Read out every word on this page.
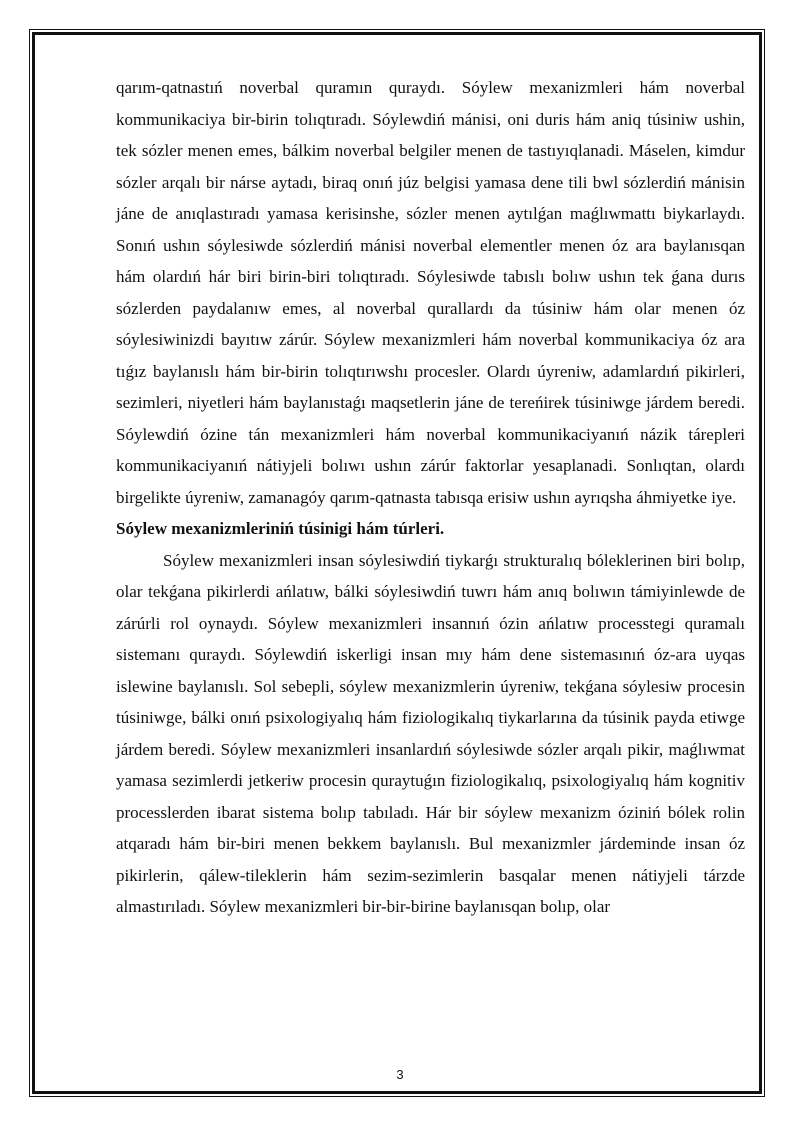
qarım-qatnastıń noverbal quramın quraydı. Sóylew mexanizmleri hám noverbal kommunikaciya bir-birin tolıqtıradı. Sóylewdiń mánisi, oni duris hám aniq túsiniw ushin, tek sózler menen emes, bálkim noverbal belgiler menen de tastıyıqlanadi. Máselen, kimdur sózler arqalı bir nárse aytadı, biraq onıń júz belgisi yamasa dene tili bwl sózlerdiń mánisin jáne de anıqlastıradı yamasa kerisinshe, sózler menen aytılǵan maǵlıwmattı biykarlaydı. Sonıń ushın sóylesiwde sózlerdiń mánisi noverbal elementler menen óz ara baylanısqan hám olardıń hár biri birin-biri tolıqtıradı. Sóylesiwde tabıslı bolıw ushın tek ǵana durıs sózlerden paydalanıw emes, al noverbal qurallardı da túsiniw hám olar menen óz sóylesiwinizdi bayıtıw zárúr. Sóylew mexanizmleri hám noverbal kommunikaciya óz ara tıǵız baylanıslı hám bir-birin tolıqtırıwshı procesler. Olardı úyreniw, adamlardıń pikirleri, sezimleri, niyetleri hám baylanıstaǵı maqsetlerin jáne de tereńirek túsiniwge járdem beredi. Sóylewdiń ózine tán mexanizmleri hám noverbal kommunikaciyanıń názik tárepleri kommunikaciyanıń nátiyjeli bolıwı ushın zárúr faktorlar yesaplanadi. Sonlıqtan, olardı birgelikte úyreniw, zamanagóy qarım-qatnasta tabısqa erisiw ushın ayrıqsha áhmiyetke iye.

Sóylew mexanizmleriniń túsinigi hám túrleri.

Sóylew mexanizmleri insan sóylesiwdiń tiykarǵı strukturalıq bóleklerinen biri bolıp, olar tekǵana pikirlerdi ańlatıw, bálki sóylesiwdiń tuwrı hám anıq bolıwın támiyinlewde de zárúrli rol oynaydı. Sóylew mexanizmleri insannıń ózin ańlatıw processtegi quramalı sistemanı quraydı. Sóylewdiń iskerligi insan mıy hám dene sistemasınıń óz-ara uyqas islewine baylanıslı. Sol sebepli, sóylew mexanizmlerin úyreniw, tekǵana sóylesiw procesin túsiniwge, bálki onıń psixologiyalıq hám fiziologikalıq tiykarlarına da túsinik payda etiwge járdem beredi. Sóylew mexanizmleri insanlardıń sóylesiwde sózler arqalı pikir, maǵlıwmat yamasa sezimlerdi jetkeriw procesin quraytuǵın fiziologikalıq, psixologiyalıq hám kognitiv processlerden ibarat sistema bolıp tabıladı. Hár bir sóylew mexanizm óziniń bólek rolin atqaradı hám bir-biri menen bekkem baylanıslı. Bul mexanizmler járdeminde insan óz pikirlerin, qálew-tileklerin hám sezim-sezimlerin basqalar menen nátiyjeli tárzde almastırıladı. Sóylew mexanizmleri bir-bir-birine baylanısqan bolıp, olar

3
